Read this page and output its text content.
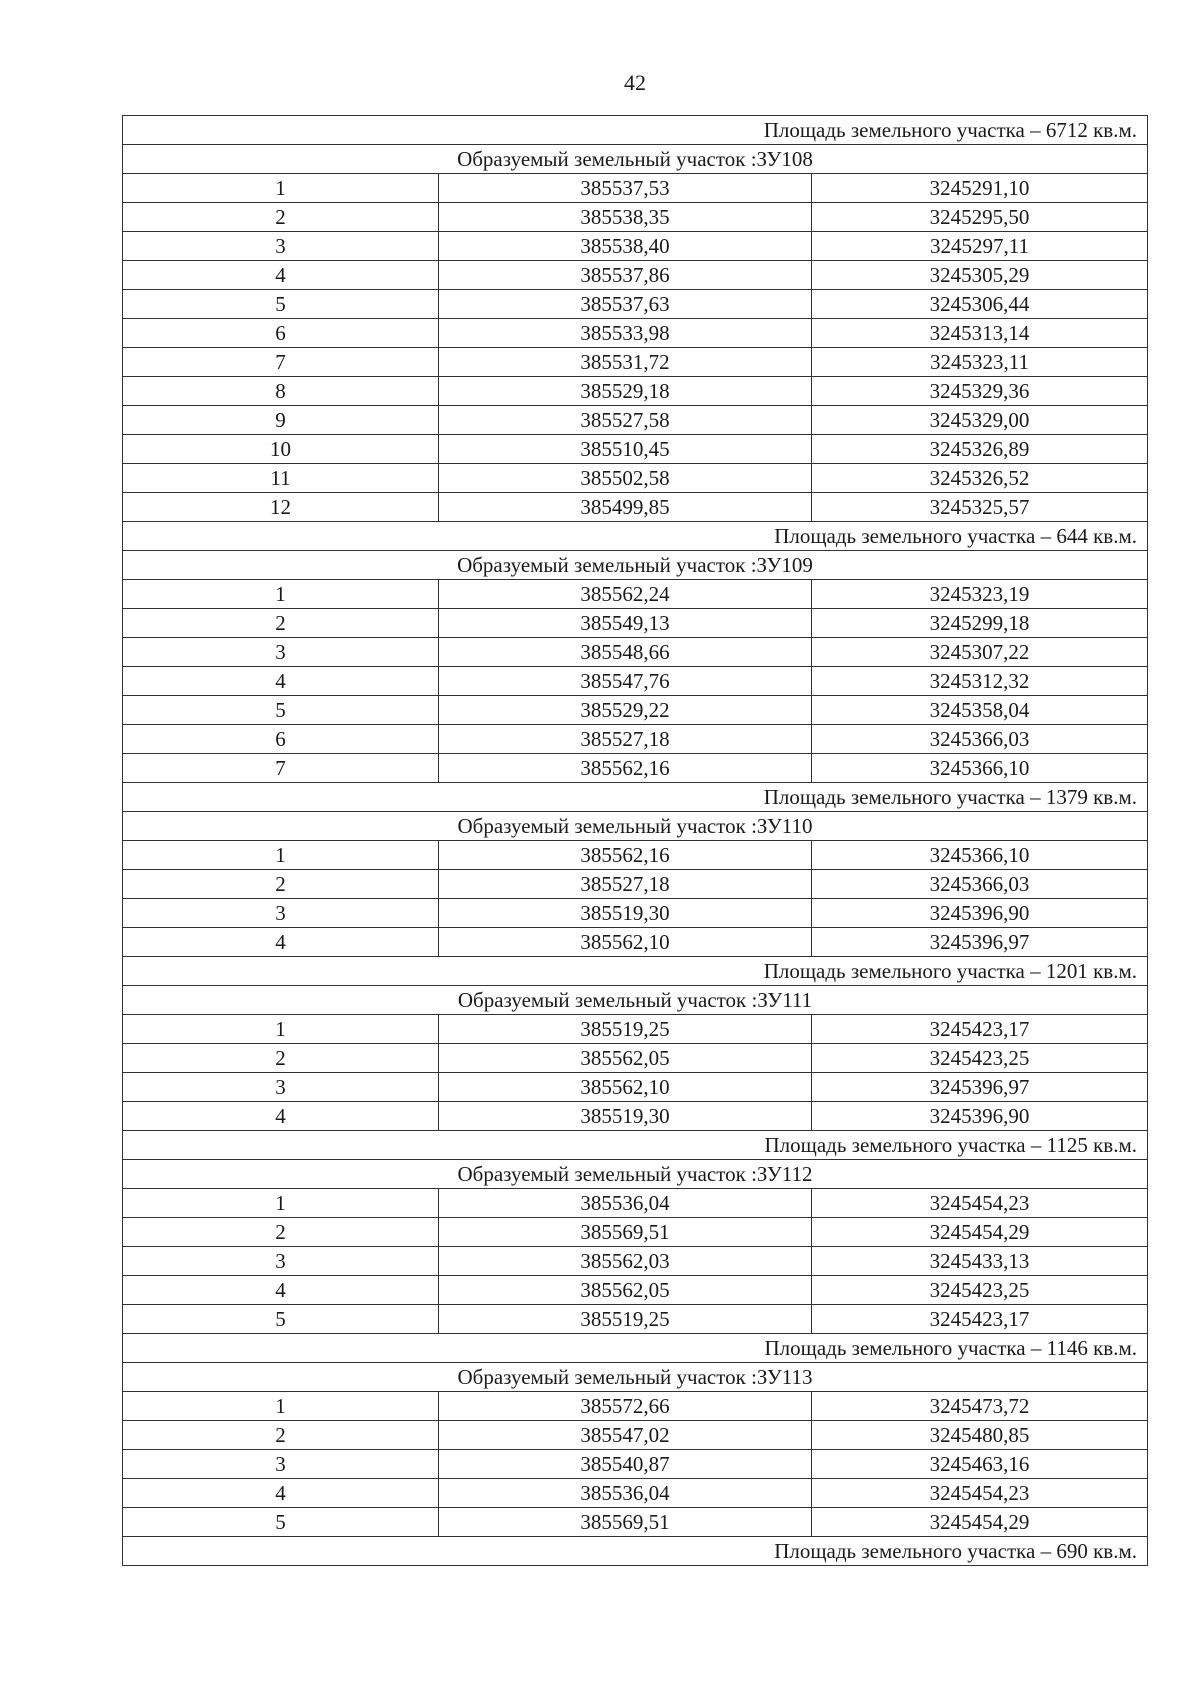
42
Площадь земельного участка – 6712 кв.м.		
Образуемый земельный участок :ЗУ108		
1	385537,53	3245291,10
2	385538,35	3245295,50
3	385538,40	3245297,11
4	385537,86	3245305,29
5	385537,63	3245306,44
6	385533,98	3245313,14
7	385531,72	3245323,11
8	385529,18	3245329,36
9	385527,58	3245329,00
10	385510,45	3245326,89
11	385502,58	3245326,52
12	385499,85	3245325,57
Площадь земельного участка – 644 кв.м.		
Образуемый земельный участок :ЗУ109		
1	385562,24	3245323,19
2	385549,13	3245299,18
3	385548,66	3245307,22
4	385547,76	3245312,32
5	385529,22	3245358,04
6	385527,18	3245366,03
7	385562,16	3245366,10
Площадь земельного участка – 1379 кв.м.		
Образуемый земельный участок :ЗУ110		
1	385562,16	3245366,10
2	385527,18	3245366,03
3	385519,30	3245396,90
4	385562,10	3245396,97
Площадь земельного участка – 1201 кв.м.		
Образуемый земельный участок :ЗУ111		
1	385519,25	3245423,17
2	385562,05	3245423,25
3	385562,10	3245396,97
4	385519,30	3245396,90
Площадь земельного участка – 1125 кв.м.		
Образуемый земельный участок :ЗУ112		
1	385536,04	3245454,23
2	385569,51	3245454,29
3	385562,03	3245433,13
4	385562,05	3245423,25
5	385519,25	3245423,17
Площадь земельного участка – 1146 кв.м.		
Образуемый земельный участок :ЗУ113		
1	385572,66	3245473,72
2	385547,02	3245480,85
3	385540,87	3245463,16
4	385536,04	3245454,23
5	385569,51	3245454,29
Площадь земельного участка – 690 кв.м.		
